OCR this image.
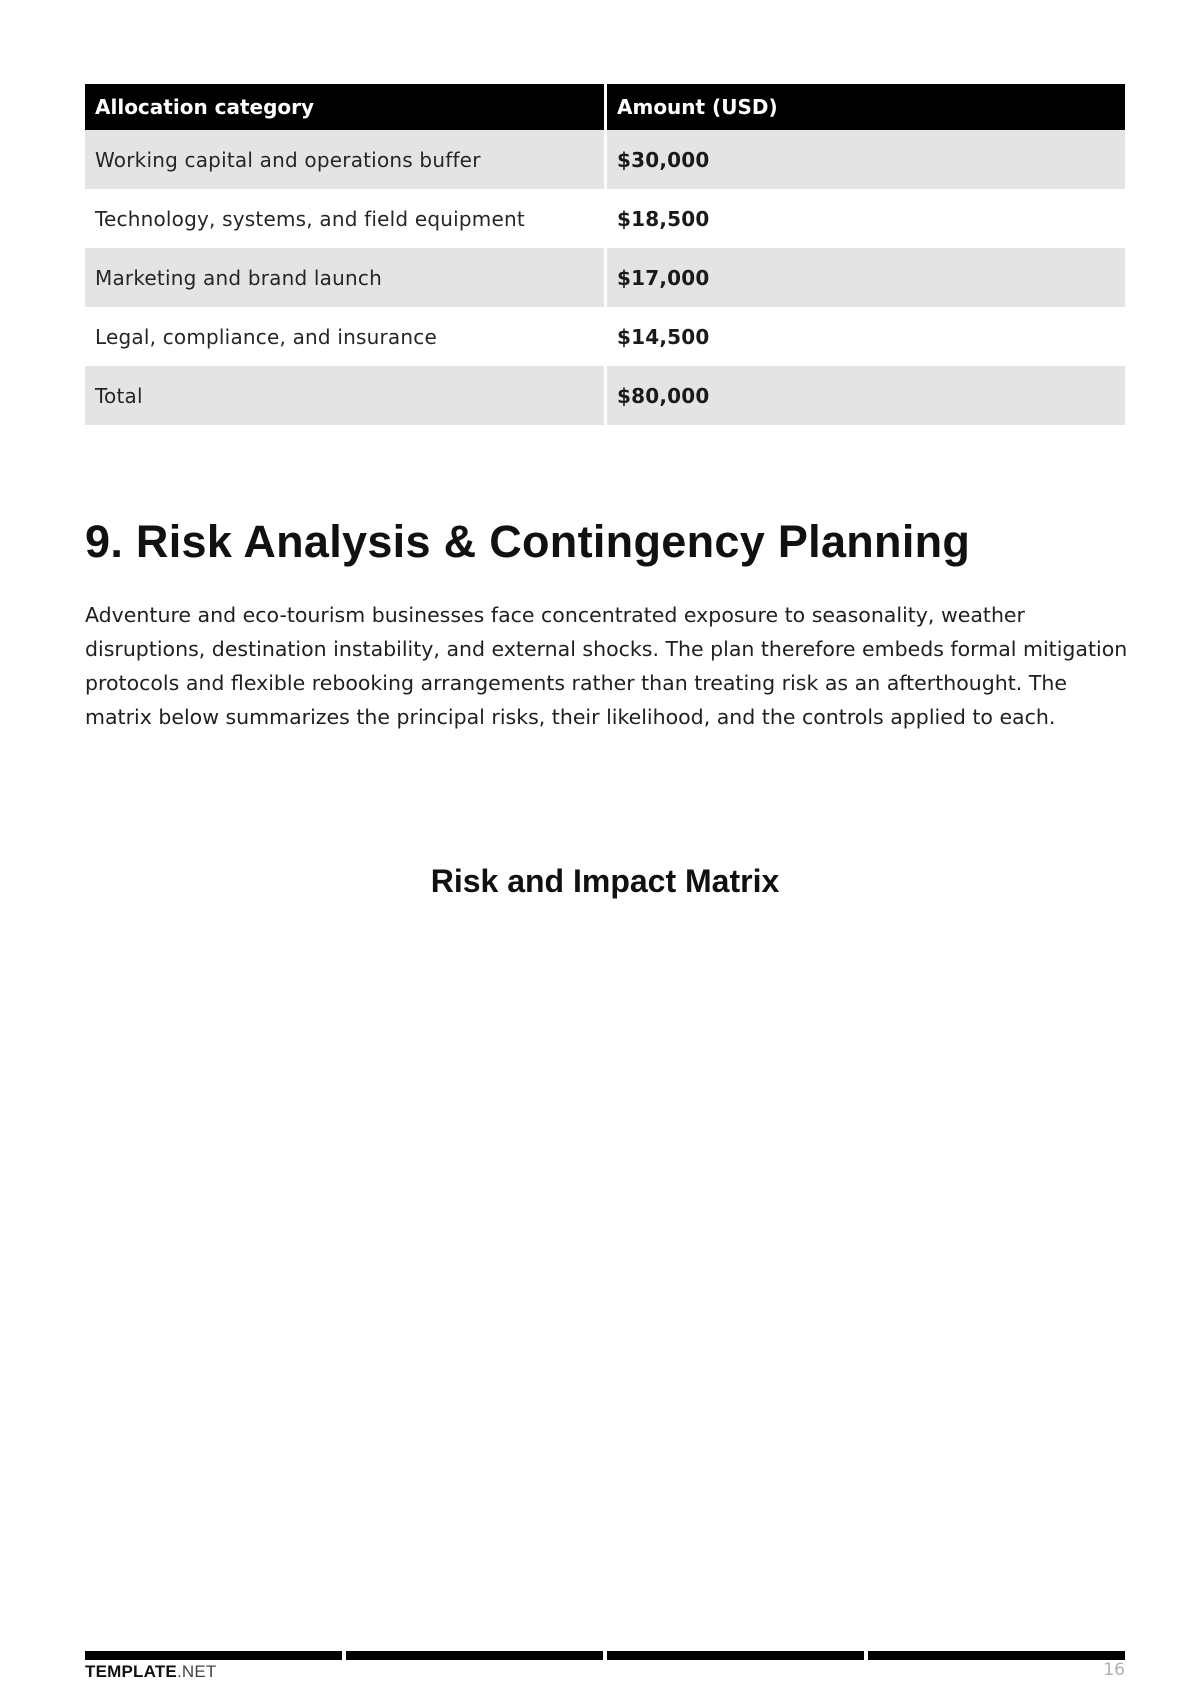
Allocation category	Amount (USD)
Working capital and operations buffer	$30,000
Technology, systems, and field equipment	$18,500
Marketing and brand launch	$17,000
Legal, compliance, and insurance	$14,500
Total	$80,000
9. Risk Analysis & Contingency Planning

Adventure and eco-tourism businesses face concentrated exposure to seasonality, weather disruptions, destination instability, and external shocks. The plan therefore embeds formal mitigation protocols and flexible rebooking arrangements rather than treating risk as an afterthought. The matrix below summarizes the principal risks, their likelihood, and the controls applied to each.

Risk and Impact Matrix
TEMPLATE.NET	16
